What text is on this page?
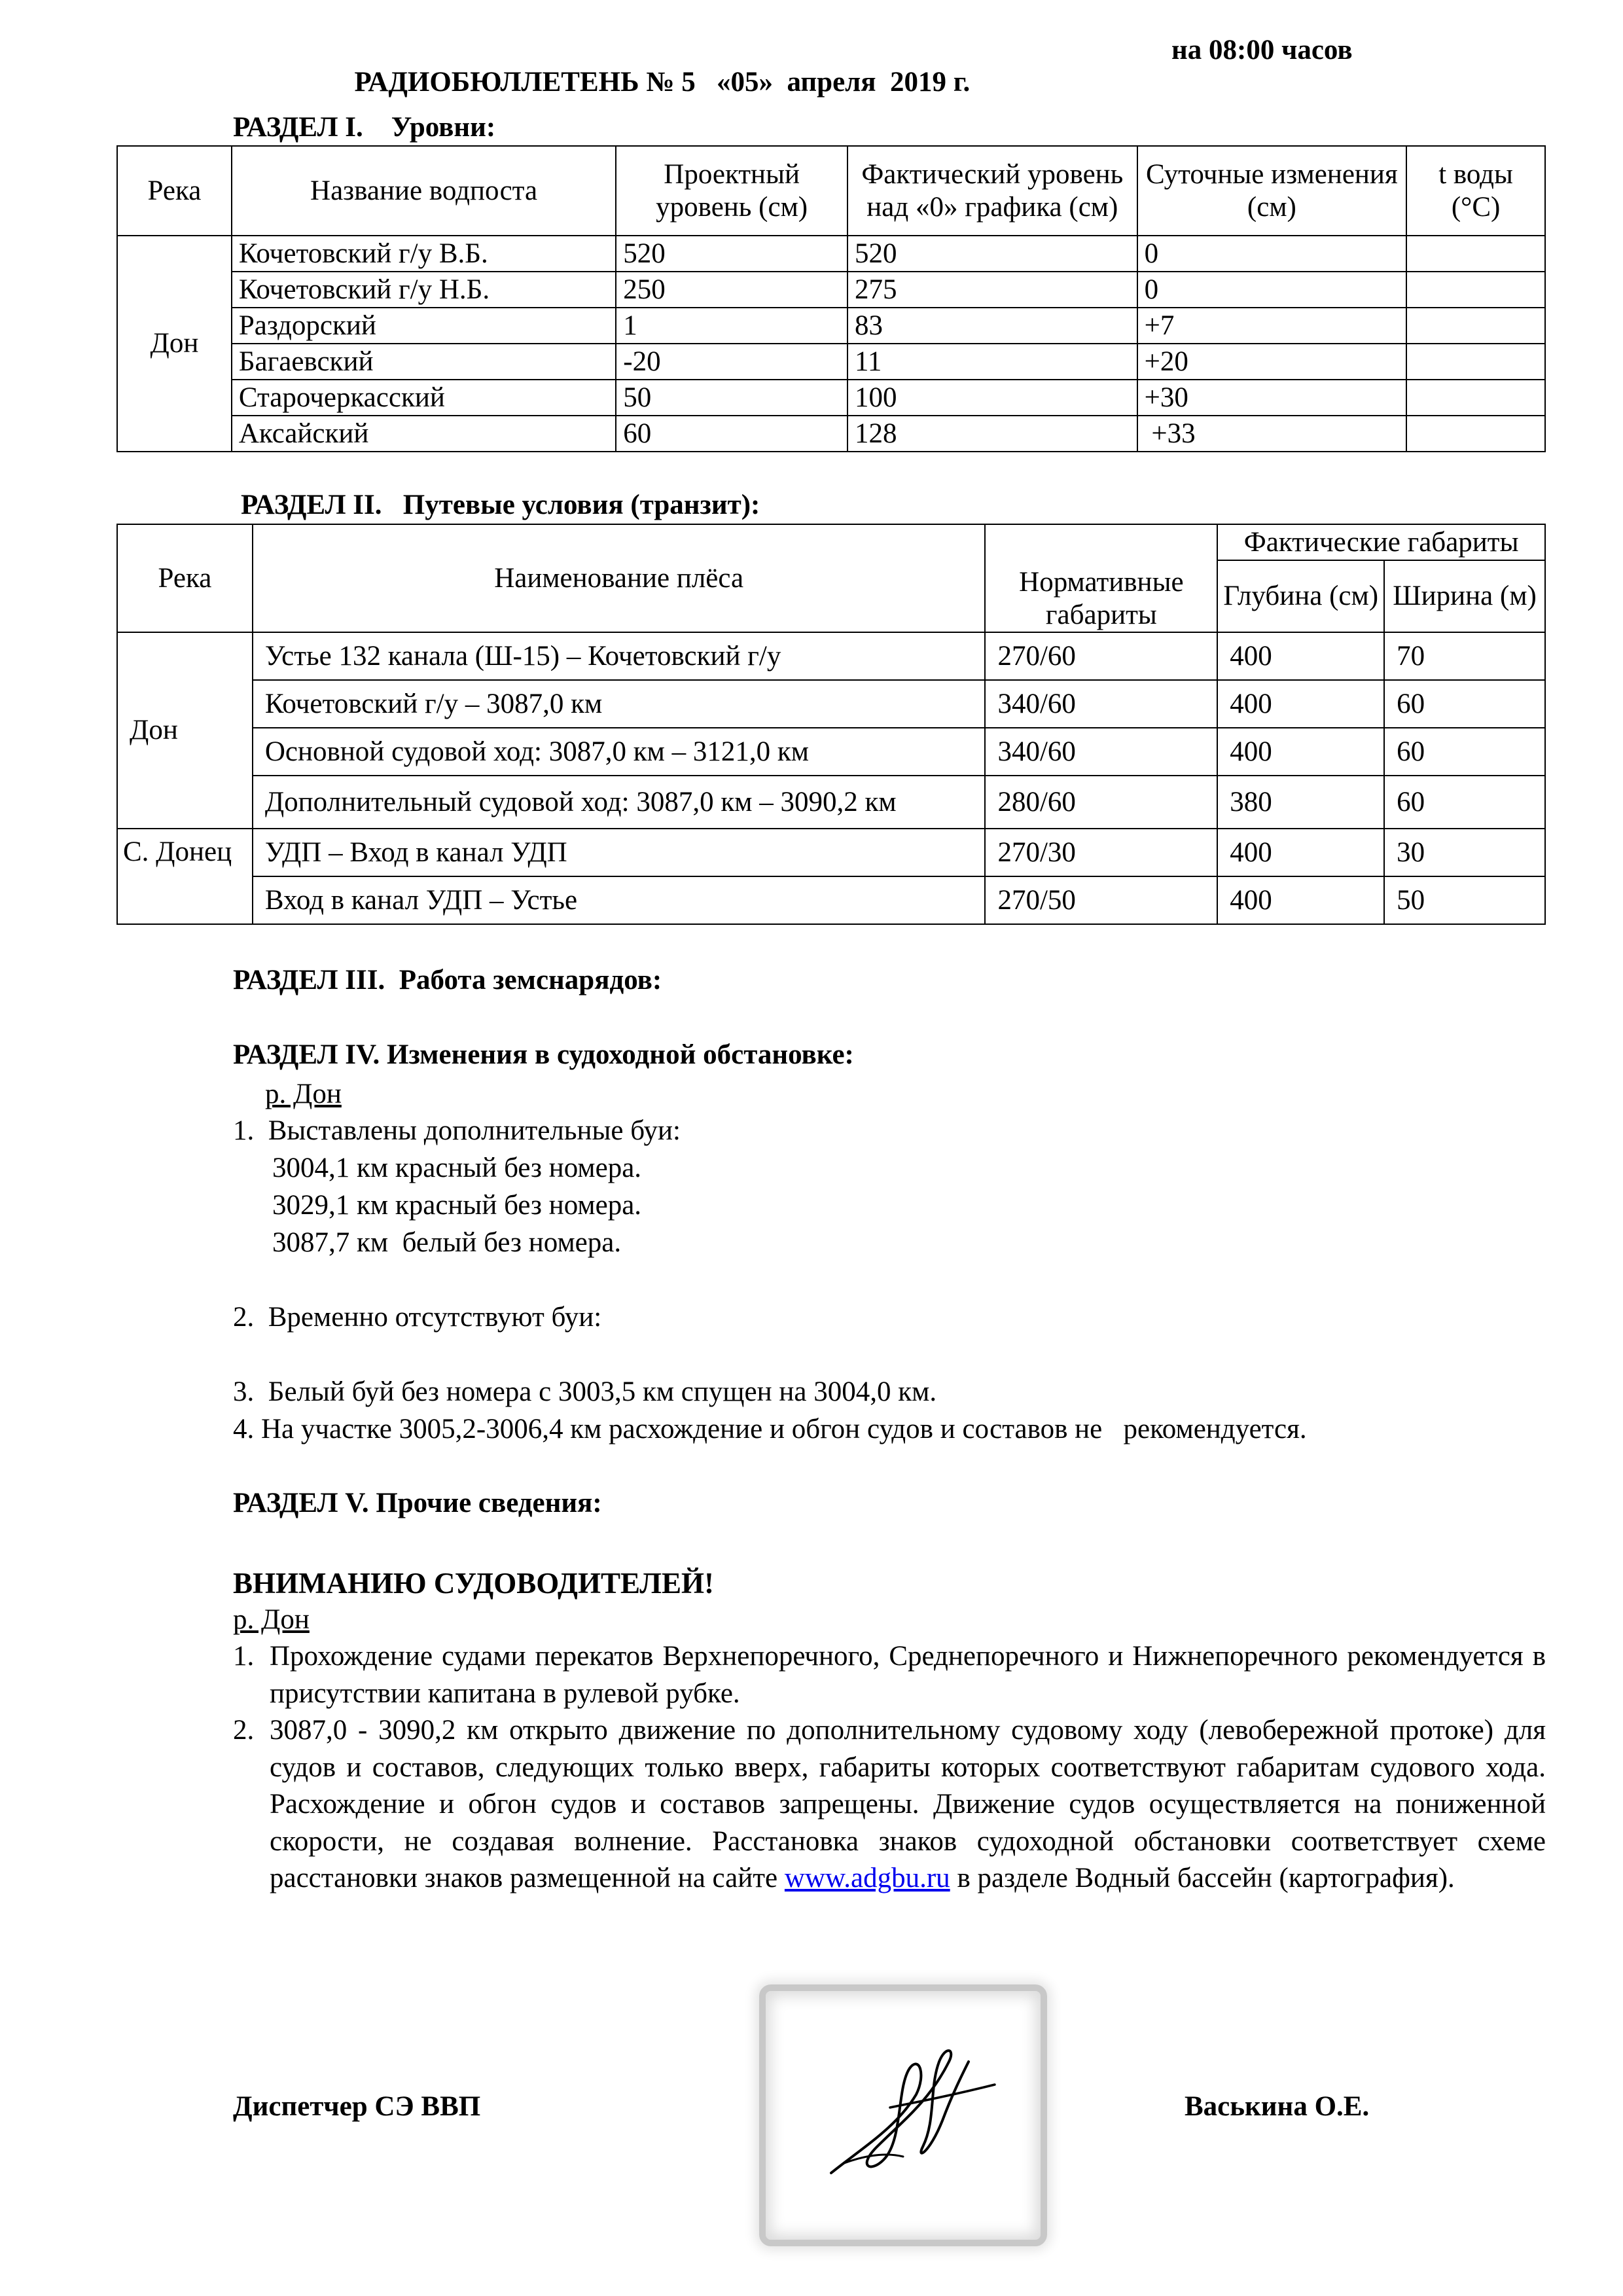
РАДИОБЮЛЛЕТЕНЬ № 5   «05»  апреля  2019 г.

на 08:00 часов

РАЗДЕЛ I.    Уровни:
Река	Название водпоста	Проектный уровень (см)	Фактический уровень над «0» графика (см)	Суточные изменения (см)	t воды (°С)
Дон	Кочетовский г/у В.Б.	520	520	0	
	Кочетовский г/у Н.Б.	250	275	0	
	Раздорский	1	83	+7	
	Багаевский	-20	11	+20	
	Старочеркасский	50	100	+30	
	Аксайский	60	128	+33	
РАЗДЕЛ II.   Путевые условия (транзит):
Река	Наименование плёса	Нормативные габариты	Фактические габариты	
			Глубина (см)	Ширина (м)
Дон	Устье 132 канала (Ш-15) – Кочетовский г/у	270/60	400	70
	Кочетовский г/у – 3087,0 км	340/60	400	60
	Основной судовой ход: 3087,0 км – 3121,0 км	340/60	400	60
	Дополнительный судовой ход: 3087,0 км – 3090,2 км	280/60	380	60
С. Донец	УДП – Вход в канал УДП	270/30	400	30
	Вход в канал УДП – Устье	270/50	400	50
РАЗДЕЛ III.  Работа земснарядов:
РАЗДЕЛ IV. Изменения в судоходной обстановке:
р. Дон
1.  Выставлены дополнительные буи:
3004,1 км красный без номера.
3029,1 км красный без номера.
3087,7 км  белый без номера.
2.  Временно отсутствуют буи:
3.  Белый буй без номера с 3003,5 км спущен на 3004,0 км.
4. На участке 3005,2-3006,4 км расхождение и обгон судов и составов не   рекомендуется.
РАЗДЕЛ V. Прочие сведения:
ВНИМАНИЮ СУДОВОДИТЕЛЕЙ!
р. Дон
1. Прохождение судами перекатов Верхнепоречного, Среднепоречного и Нижнепоречного рекомендуется в присутствии капитана в рулевой рубке.
2. 3087,0 - 3090,2 км открыто движение по дополнительному судовому ходу (левобережной протоке) для судов и составов, следующих только вверх, габариты которых соответствуют габаритам судового хода. Расхождение и обгон судов и составов запрещены. Движение судов осуществляется на пониженной скорости, не создавая волнение. Расстановка знаков судоходной обстановки соответствует схеме расстановки знаков размещенной на сайте www.adgbu.ru в разделе Водный бассейн (картография).
Диспетчер СЭ ВВП	Васькина О.Е.
